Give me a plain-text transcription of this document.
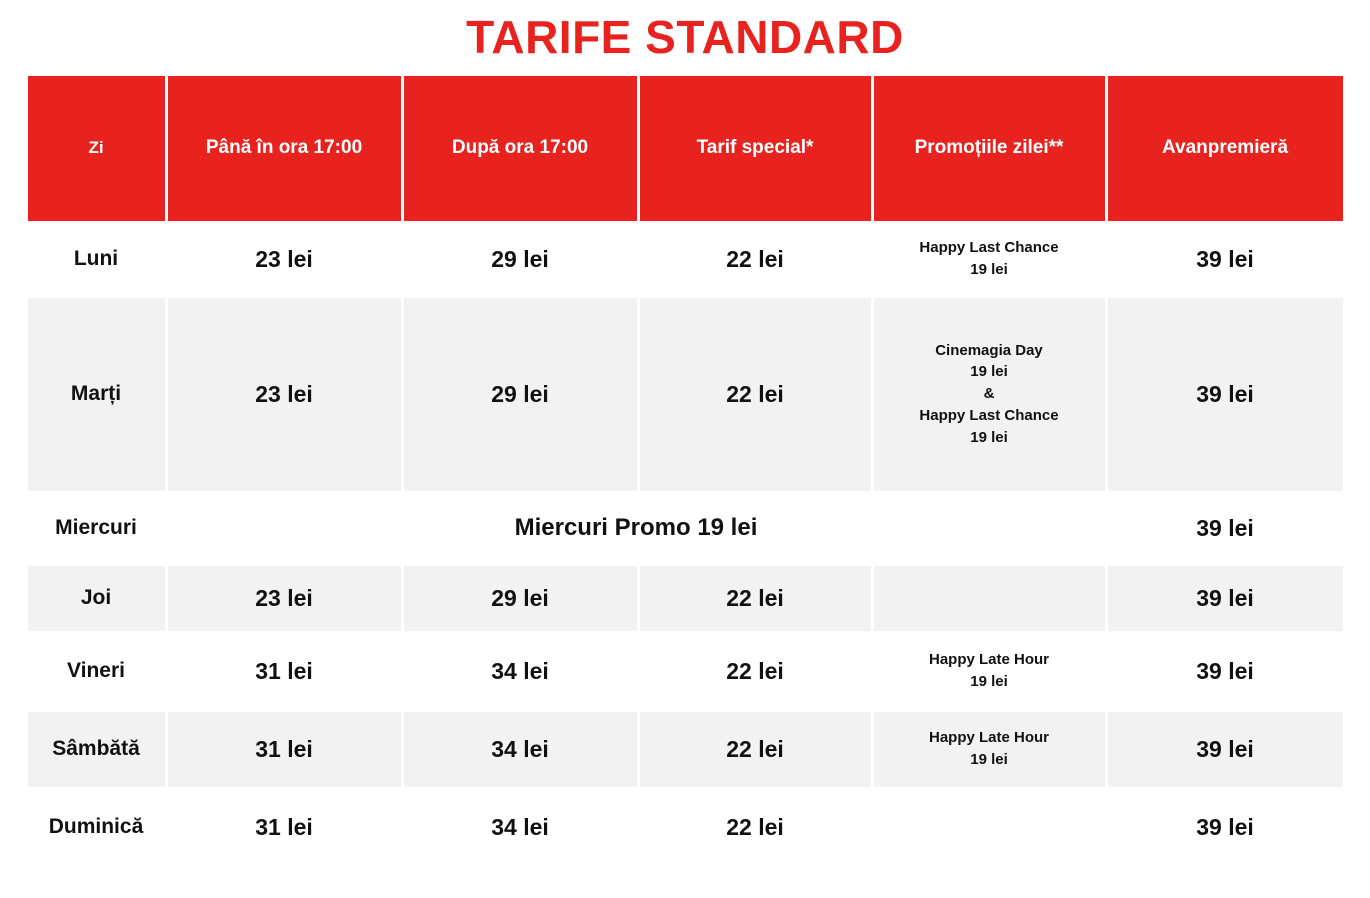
TARIFE STANDARD
Zi	Până în ora 17:00	După ora 17:00	Tarif special*	Promoțiile zilei**	Avanpremieră
Luni	23 lei	29 lei	22 lei	Happy Last Chance
19 lei	39 lei
Marți	23 lei	29 lei	22 lei	Cinemagia Day
19 lei
&
Happy Last Chance
19 lei	39 lei
Miercuri	Miercuri Promo 19 lei				39 lei
Joi	23 lei	29 lei	22 lei		39 lei
Vineri	31 lei	34 lei	22 lei	Happy Late Hour
19 lei	39 lei
Sâmbătă	31 lei	34 lei	22 lei	Happy Late Hour
19 lei	39 lei
Duminică	31 lei	34 lei	22 lei		39 lei
